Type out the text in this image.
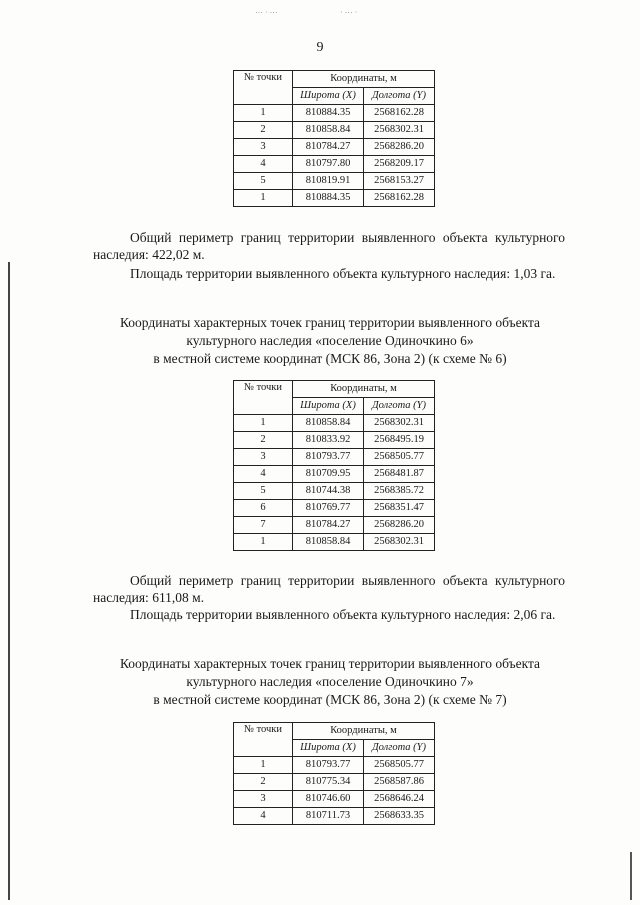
⋯ · ⋯	· ⋯ ·
9
№ точки	Координаты, м	
	Широта (X)	Долгота (Y)
1	810884.35	2568162.28
2	810858.84	2568302.31
3	810784.27	2568286.20
4	810797.80	2568209.17
5	810819.91	2568153.27
1	810884.35	2568162.28

Общий периметр границ территории выявленного объекта культурного наследия: 422,02 м.

Площадь территории выявленного объекта культурного наследия: 1,03 га.

Координаты характерных точек границ территории выявленного объекта
культурного наследия «поселение Одиночкино 6»
в местной системе координат (МСК 86, Зона 2) (к схеме № 6)
№ точки	Координаты, м	
	Широта (X)	Долгота (Y)
1	810858.84	2568302.31
2	810833.92	2568495.19
3	810793.77	2568505.77
4	810709.95	2568481.87
5	810744.38	2568385.72
6	810769.77	2568351.47
7	810784.27	2568286.20
1	810858.84	2568302.31

Общий периметр границ территории выявленного объекта культурного наследия: 611,08 м.

Площадь территории выявленного объекта культурного наследия: 2,06 га.

Координаты характерных точек границ территории выявленного объекта
культурного наследия «поселение Одиночкино 7»
в местной системе координат (МСК 86, Зона 2) (к схеме № 7)
№ точки	Координаты, м	
	Широта (X)	Долгота (Y)
1	810793.77	2568505.77
2	810775.34	2568587.86
3	810746.60	2568646.24
4	810711.73	2568633.35
